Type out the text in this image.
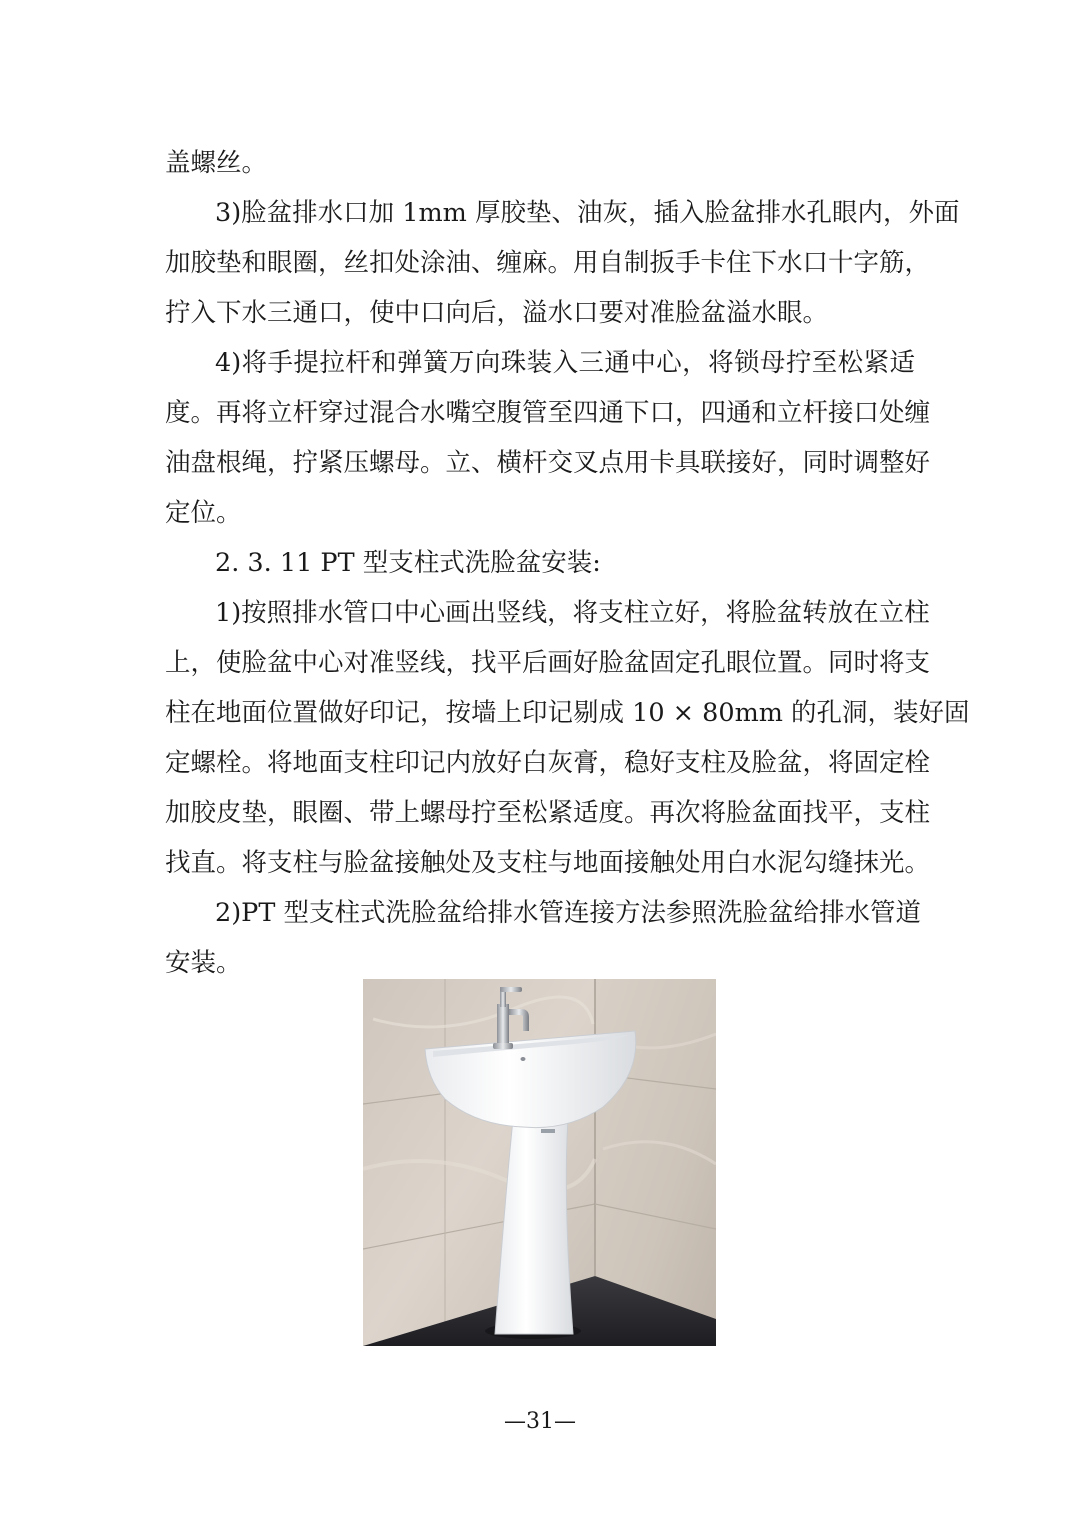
盖螺丝。
3)脸盆排水口加 1mm 厚胶垫、油灰，插入脸盆排水孔眼内，外面
加胶垫和眼圈，丝扣处涂油、缠麻。用自制扳手卡住下水口十字筋，
拧入下水三通口，使中口向后，溢水口要对准脸盆溢水眼。
4)将手提拉杆和弹簧万向珠装入三通中心，将锁母拧至松紧适
度。再将立杆穿过混合水嘴空腹管至四通下口，四通和立杆接口处缠
油盘根绳，拧紧压螺母。立、横杆交叉点用卡具联接好，同时调整好
定位。
2. 3. 11 PT 型支柱式洗脸盆安装:
1)按照排水管口中心画出竖线，将支柱立好，将脸盆转放在立柱
上，使脸盆中心对准竖线，找平后画好脸盆固定孔眼位置。同时将支
柱在地面位置做好印记，按墙上印记剔成 10 × 80mm 的孔洞，装好固
定螺栓。将地面支柱印记内放好白灰膏，稳好支柱及脸盆，将固定栓
加胶皮垫，眼圈、带上螺母拧至松紧适度。再次将脸盆面找平，支柱
找直。将支柱与脸盆接触处及支柱与地面接触处用白水泥勾缝抹光。
2)PT 型支柱式洗脸盆给排水管连接方法参照洗脸盆给排水管道
安装。
—31—
